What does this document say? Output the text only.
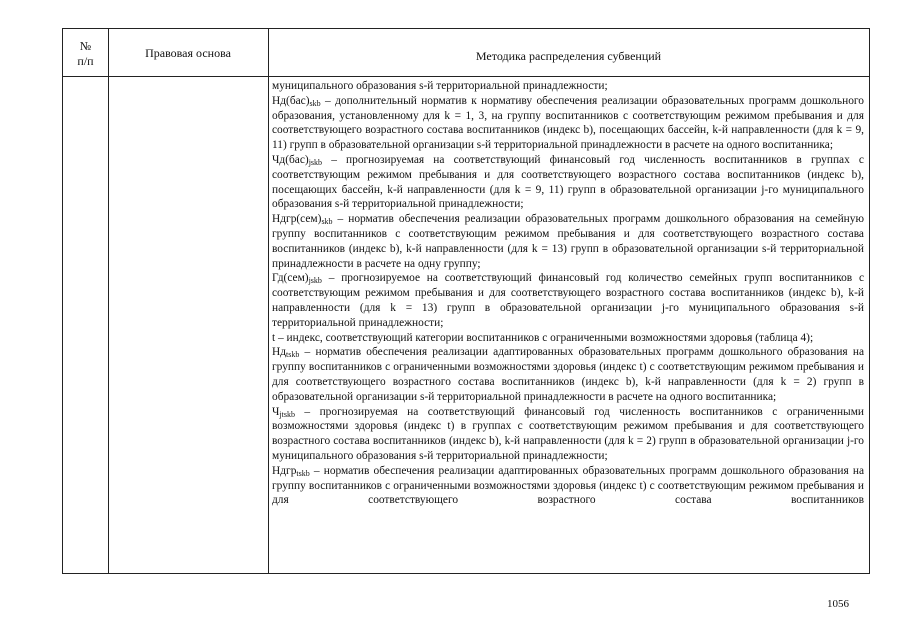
№
п/п
Правовая основа	Методика распределения субвенций

муниципального образования s-й территориальной принадлежности;

$Нд(бас)_{skb}$ – дополнительный норматив к нормативу обеспечения реализации образовательных программ дошкольного образования, установленному для k = 1, 3, на группу воспитанников с соответствующим режимом пребывания и для соответствующего возрастного состава воспитанников (индекс b), посещающих бассейн, k-й направленности (для k = 9, 11) групп в образовательной организации s-й территориальной принадлежности в расчете на одного воспитанника;

$Чд(бас)_{jskb}$ – прогнозируемая на соответствующий финансовый год численность воспитанников в группах с соответствующим режимом пребывания и для соответствующего возрастного состава воспитанников (индекс b), посещающих бассейн, k-й направленности (для k = 9, 11) групп в образовательной организации j-го муниципального образования s-й территориальной принадлежности;

$Ндгр(сем)_{skb}$ – норматив обеспечения реализации образовательных программ дошкольного образования на семейную группу воспитанников с соответствующим режимом пребывания и для соответствующего возрастного состава воспитанников (индекс b), k-й направленности (для k = 13) групп в образовательной организации s-й территориальной принадлежности в расчете на одну группу;

$Гд(сем)_{jskb}$ – прогнозируемое на соответствующий финансовый год количество семейных групп воспитанников с соответствующим режимом пребывания и для соответствующего возрастного состава воспитанников (индекс b), k-й направленности (для k = 13) групп в образовательной организации j-го муниципального образования s-й территориальной принадлежности;

t – индекс, соответствующий категории воспитанников с ограниченными возможностями здоровья (таблица 4);

$Нд_{tskb}$ – норматив обеспечения реализации адаптированных образовательных программ дошкольного образования на группу воспитанников с ограниченными возможностями здоровья (индекс t) с соответствующим режимом пребывания и для соответствующего возрастного состава воспитанников (индекс b), k-й направленности (для k = 2) групп в образовательной организации s-й территориальной принадлежности в расчете на одного воспитанника;

$Ч_{jtskb}$ – прогнозируемая на соответствующий финансовый год численность воспитанников с ограниченными возможностями здоровья (индекс t) в группах с соответствующим режимом пребывания и для соответствующего возрастного состава воспитанников (индекс b), k-й направленности (для k = 2) групп в образовательной организации j-го муниципального образования s-й территориальной принадлежности;

Ндгр$_{tskb}$ – норматив обеспечения реализации адаптированных образовательных программ дошкольного образования на группу воспитанников с ограниченными возможностями здоровья (индекс t) с соответствующим режимом пребывания и для соответствующего возрастного состава воспитанников

1056
